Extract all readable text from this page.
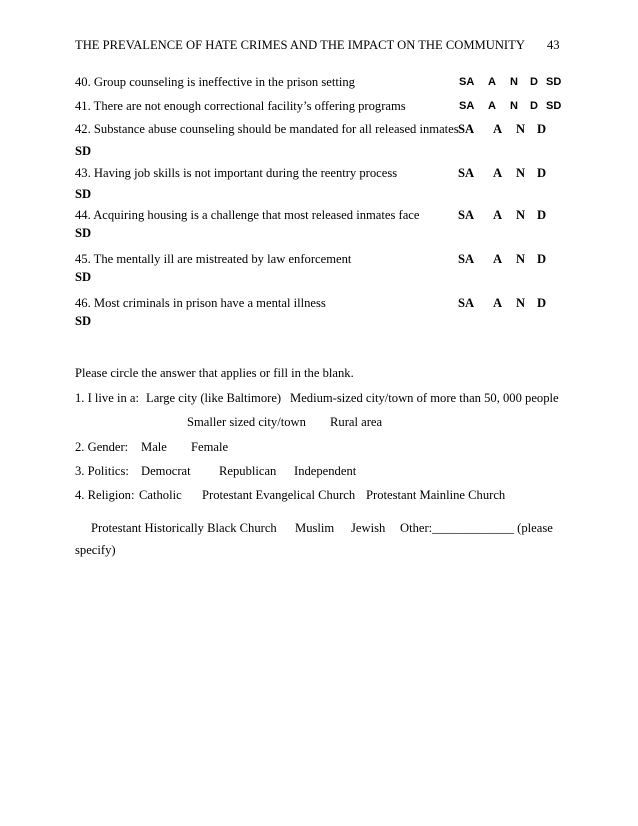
THE PREVALENCE OF HATE CRIMES AND THE IMPACT ON THE COMMUNITY 43
40. Group counseling is ineffective in the prison setting	SA A N D SD
41. There are not enough correctional facility’s offering programs	SA A N D SD
42. Substance abuse counseling should be mandated for all released inmates SA A N D
SD
43. Having job skills is not important during the reentry process	SA A N D
SD
44. Acquiring housing is a challenge that most released inmates face	SA A N D
SD
45. The mentally ill are mistreated by law enforcement	SA A N D
SD
46. Most criminals in prison have a mental illness	SA A N D
SD
Please circle the answer that applies or fill in the blank.
1. I live in a: Large city (like Baltimore) Medium-sized city/town of more than 50, 000 people
Smaller sized city/town Rural area
2. Gender: Male Female
3. Politics: Democrat Republican Independent
4. Religion: Catholic Protestant Evangelical Church Protestant Mainline Church
Protestant Historically Black Church Muslim Jewish Other:_____________ (please
specify)
